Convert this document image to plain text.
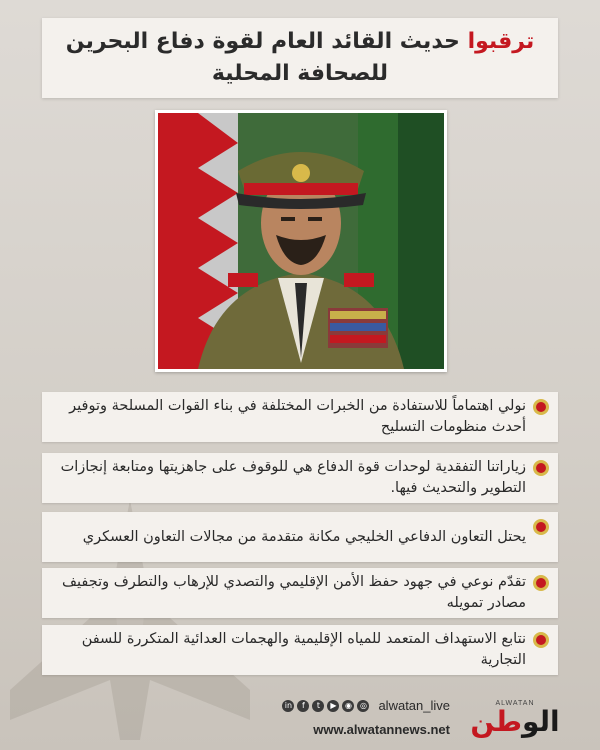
ترقبوا حديث القائد العام لقوة دفاع البحرين
للصحافة المحلية
نولي اهتماماً للاستفادة من الخبرات المختلفة في بناء القوات المسلحة وتوفير أحدث منظومات التسليح
زياراتنا التفقدية لوحدات قوة الدفاع هي للوقوف على جاهزيتها ومتابعة إنجازات التطوير والتحديث فيها.
يحتل التعاون الدفاعي الخليجي مكانة متقدمة من مجالات التعاون العسكري
تقدّم نوعي في جهود حفظ الأمن الإقليمي والتصدي للإرهاب والتطرف وتجفيف مصادر تمويله
نتابع الاستهداف المتعمد للمياه الإقليمية والهجمات العدائية المتكررة للسفن التجارية
in	f	t	▶	◉	◎ alwatan_live
www.alwatannews.net
ALWATAN
الوطن
